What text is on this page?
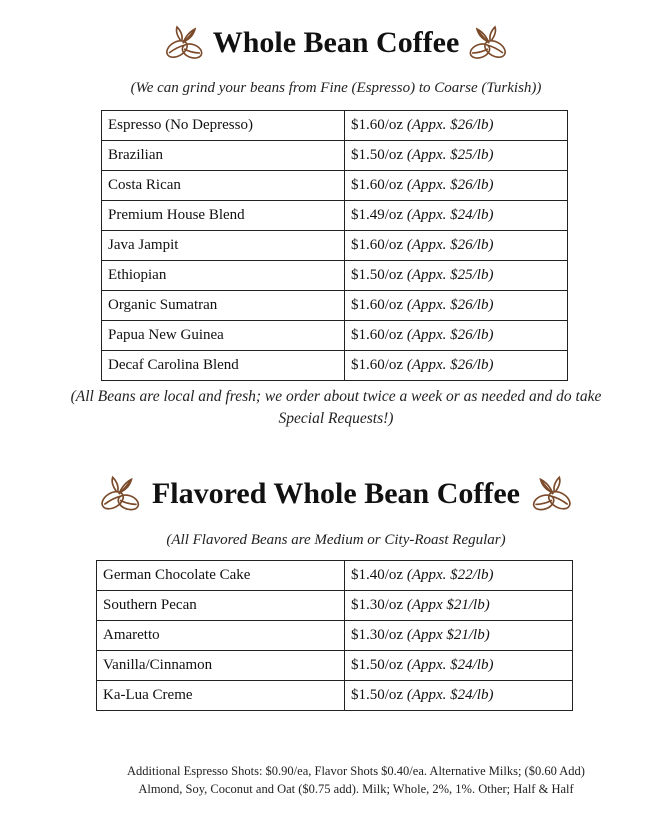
Whole Bean Coffee
(We can grind your beans from Fine (Espresso) to Coarse (Turkish))
Espresso (No Depresso)	$1.60/oz (Appx. $26/lb)
Brazilian	$1.50/oz (Appx. $25/lb)
Costa Rican	$1.60/oz (Appx. $26/lb)
Premium House Blend	$1.49/oz (Appx. $24/lb)
Java Jampit	$1.60/oz (Appx. $26/lb)
Ethiopian	$1.50/oz (Appx. $25/lb)
Organic Sumatran	$1.60/oz (Appx. $26/lb)
Papua New Guinea	$1.60/oz (Appx. $26/lb)
Decaf Carolina Blend	$1.60/oz (Appx. $26/lb)
(All Beans are local and fresh; we order about twice a week or as needed and do take Special Requests!)
Flavored Whole Bean Coffee
(All Flavored Beans are Medium or City-Roast Regular)
German Chocolate Cake	$1.40/oz (Appx. $22/lb)
Southern Pecan	$1.30/oz (Appx $21/lb)
Amaretto	$1.30/oz (Appx $21/lb)
Vanilla/Cinnamon	$1.50/oz (Appx. $24/lb)
Ka-Lua Creme	$1.50/oz (Appx. $24/lb)
Additional Espresso Shots: $0.90/ea, Flavor Shots $0.40/ea. Alternative Milks; ($0.60 Add) Almond, Soy, Coconut and Oat ($0.75 add). Milk; Whole, 2%, 1%. Other; Half & Half
